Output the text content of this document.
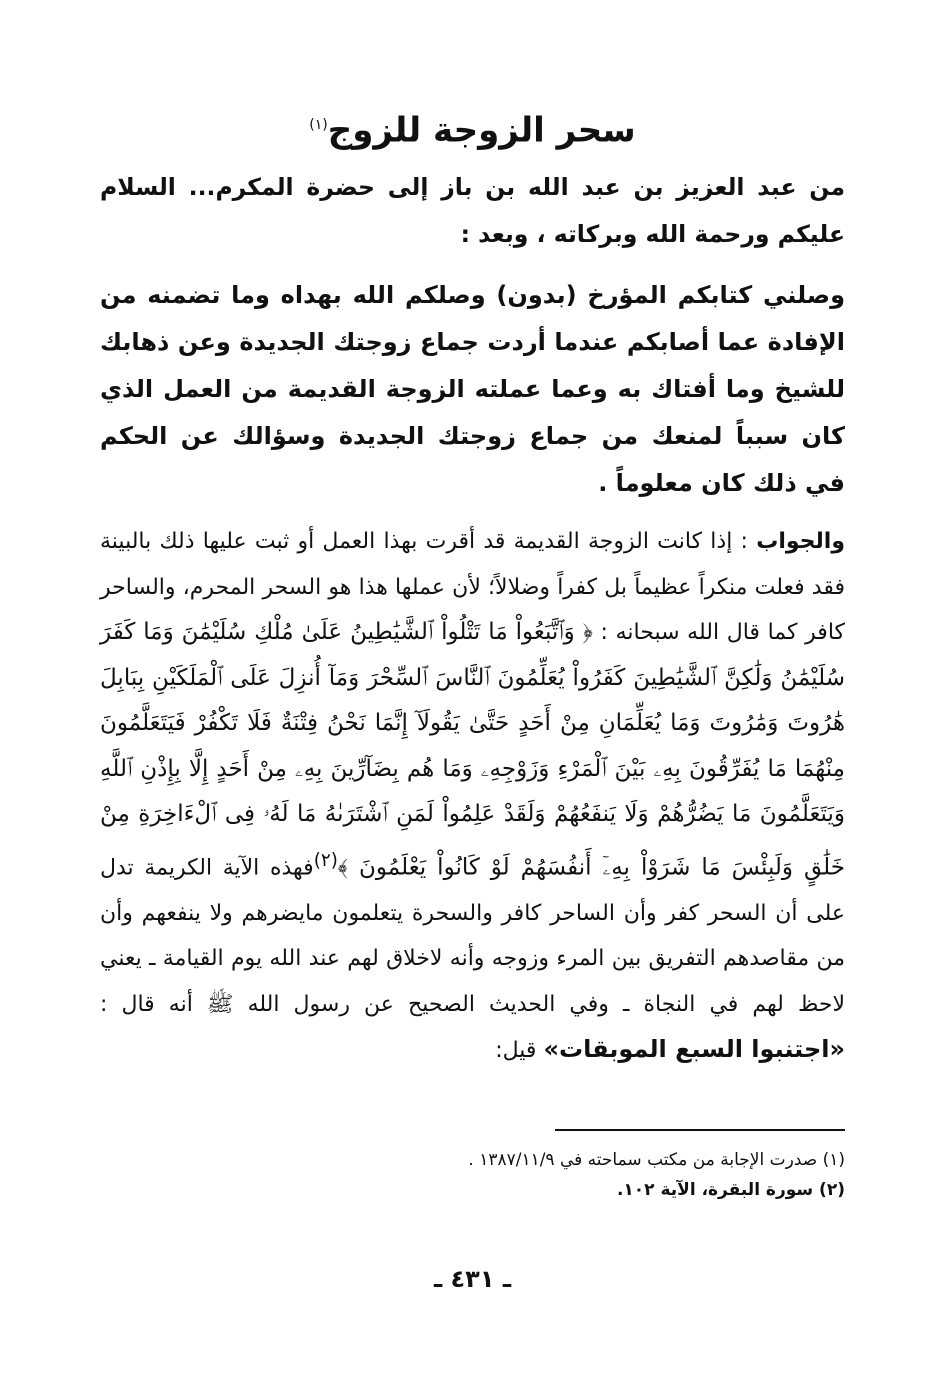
سحر الزوجة للزوج$^{(١)}$

من عبد العزيز بن عبد الله بن باز إلى حضرة المكرم... السلام عليكم ورحمة الله وبركاته ، وبعد :

وصلني كتابكم المؤرخ (بدون) وصلكم الله بهداه وما تضمنه من الإفادة عما أصابكم عندما أردت جماع زوجتك الجديدة وعن ذهابك للشيخ وما أفتاك به وعما عملته الزوجة القديمة من العمل الذي كان سبباً لمنعك من جماع زوجتك الجديدة وسؤالك عن الحكم في ذلك كان معلوماً .

والجواب : إذا كانت الزوجة القديمة قد أقرت بهذا العمل أو ثبت عليها ذلك بالبينة فقد فعلت منكراً عظيماً بل كفراً وضلالاً؛ لأن عملها هذا هو السحر المحرم، والساحر كافر كما قال الله سبحانه : ﴿ وَٱتَّبَعُواْ مَا تَتْلُواْ ٱلشَّيَٰطِينُ عَلَىٰ مُلْكِ سُلَيْمَٰنَ وَمَا كَفَرَ سُلَيْمَٰنُ وَلَٰكِنَّ ٱلشَّيَٰطِينَ كَفَرُواْ يُعَلِّمُونَ ٱلنَّاسَ ٱلسِّحْرَ وَمَآ أُنزِلَ عَلَى ٱلْمَلَكَيْنِ بِبَابِلَ هَٰرُوتَ وَمَٰرُوتَ وَمَا يُعَلِّمَانِ مِنْ أَحَدٍ حَتَّىٰ يَقُولَآ إِنَّمَا نَحْنُ فِتْنَةٌ فَلَا تَكْفُرْ فَيَتَعَلَّمُونَ مِنْهُمَا مَا يُفَرِّقُونَ بِهِۦ بَيْنَ ٱلْمَرْءِ وَزَوْجِهِۦ وَمَا هُم بِضَآرِّينَ بِهِۦ مِنْ أَحَدٍ إِلَّا بِإِذْنِ ٱللَّهِ وَيَتَعَلَّمُونَ مَا يَضُرُّهُمْ وَلَا يَنفَعُهُمْ وَلَقَدْ عَلِمُواْ لَمَنِ ٱشْتَرَىٰهُ مَا لَهُۥ فِى ٱلْءَاخِرَةِ مِنْ خَلَٰقٍ وَلَبِئْسَ مَا شَرَوْاْ بِهِۦٓ أَنفُسَهُمْ لَوْ كَانُواْ يَعْلَمُونَ ﴾$^{(٢)}$فهذه الآية الكريمة تدل على أن السحر كفر وأن الساحر كافر والسحرة يتعلمون مايضرهم ولا ينفعهم وأن من مقاصدهم التفريق بين المرء وزوجه وأنه لاخلاق لهم عند الله يوم القيامة ـ يعني لاحظ لهم في النجاة ـ وفي الحديث الصحيح عن رسول الله ﷺ أنه قال : «اجتنبوا السبع الموبقات» قيل:

(١) صدرت الإجابة من مكتب سماحته في ١٣٨٧/١١/٩ .

(٢) سورة البقرة، الآية ١٠٢.

ـ ٤٣١ ـ
